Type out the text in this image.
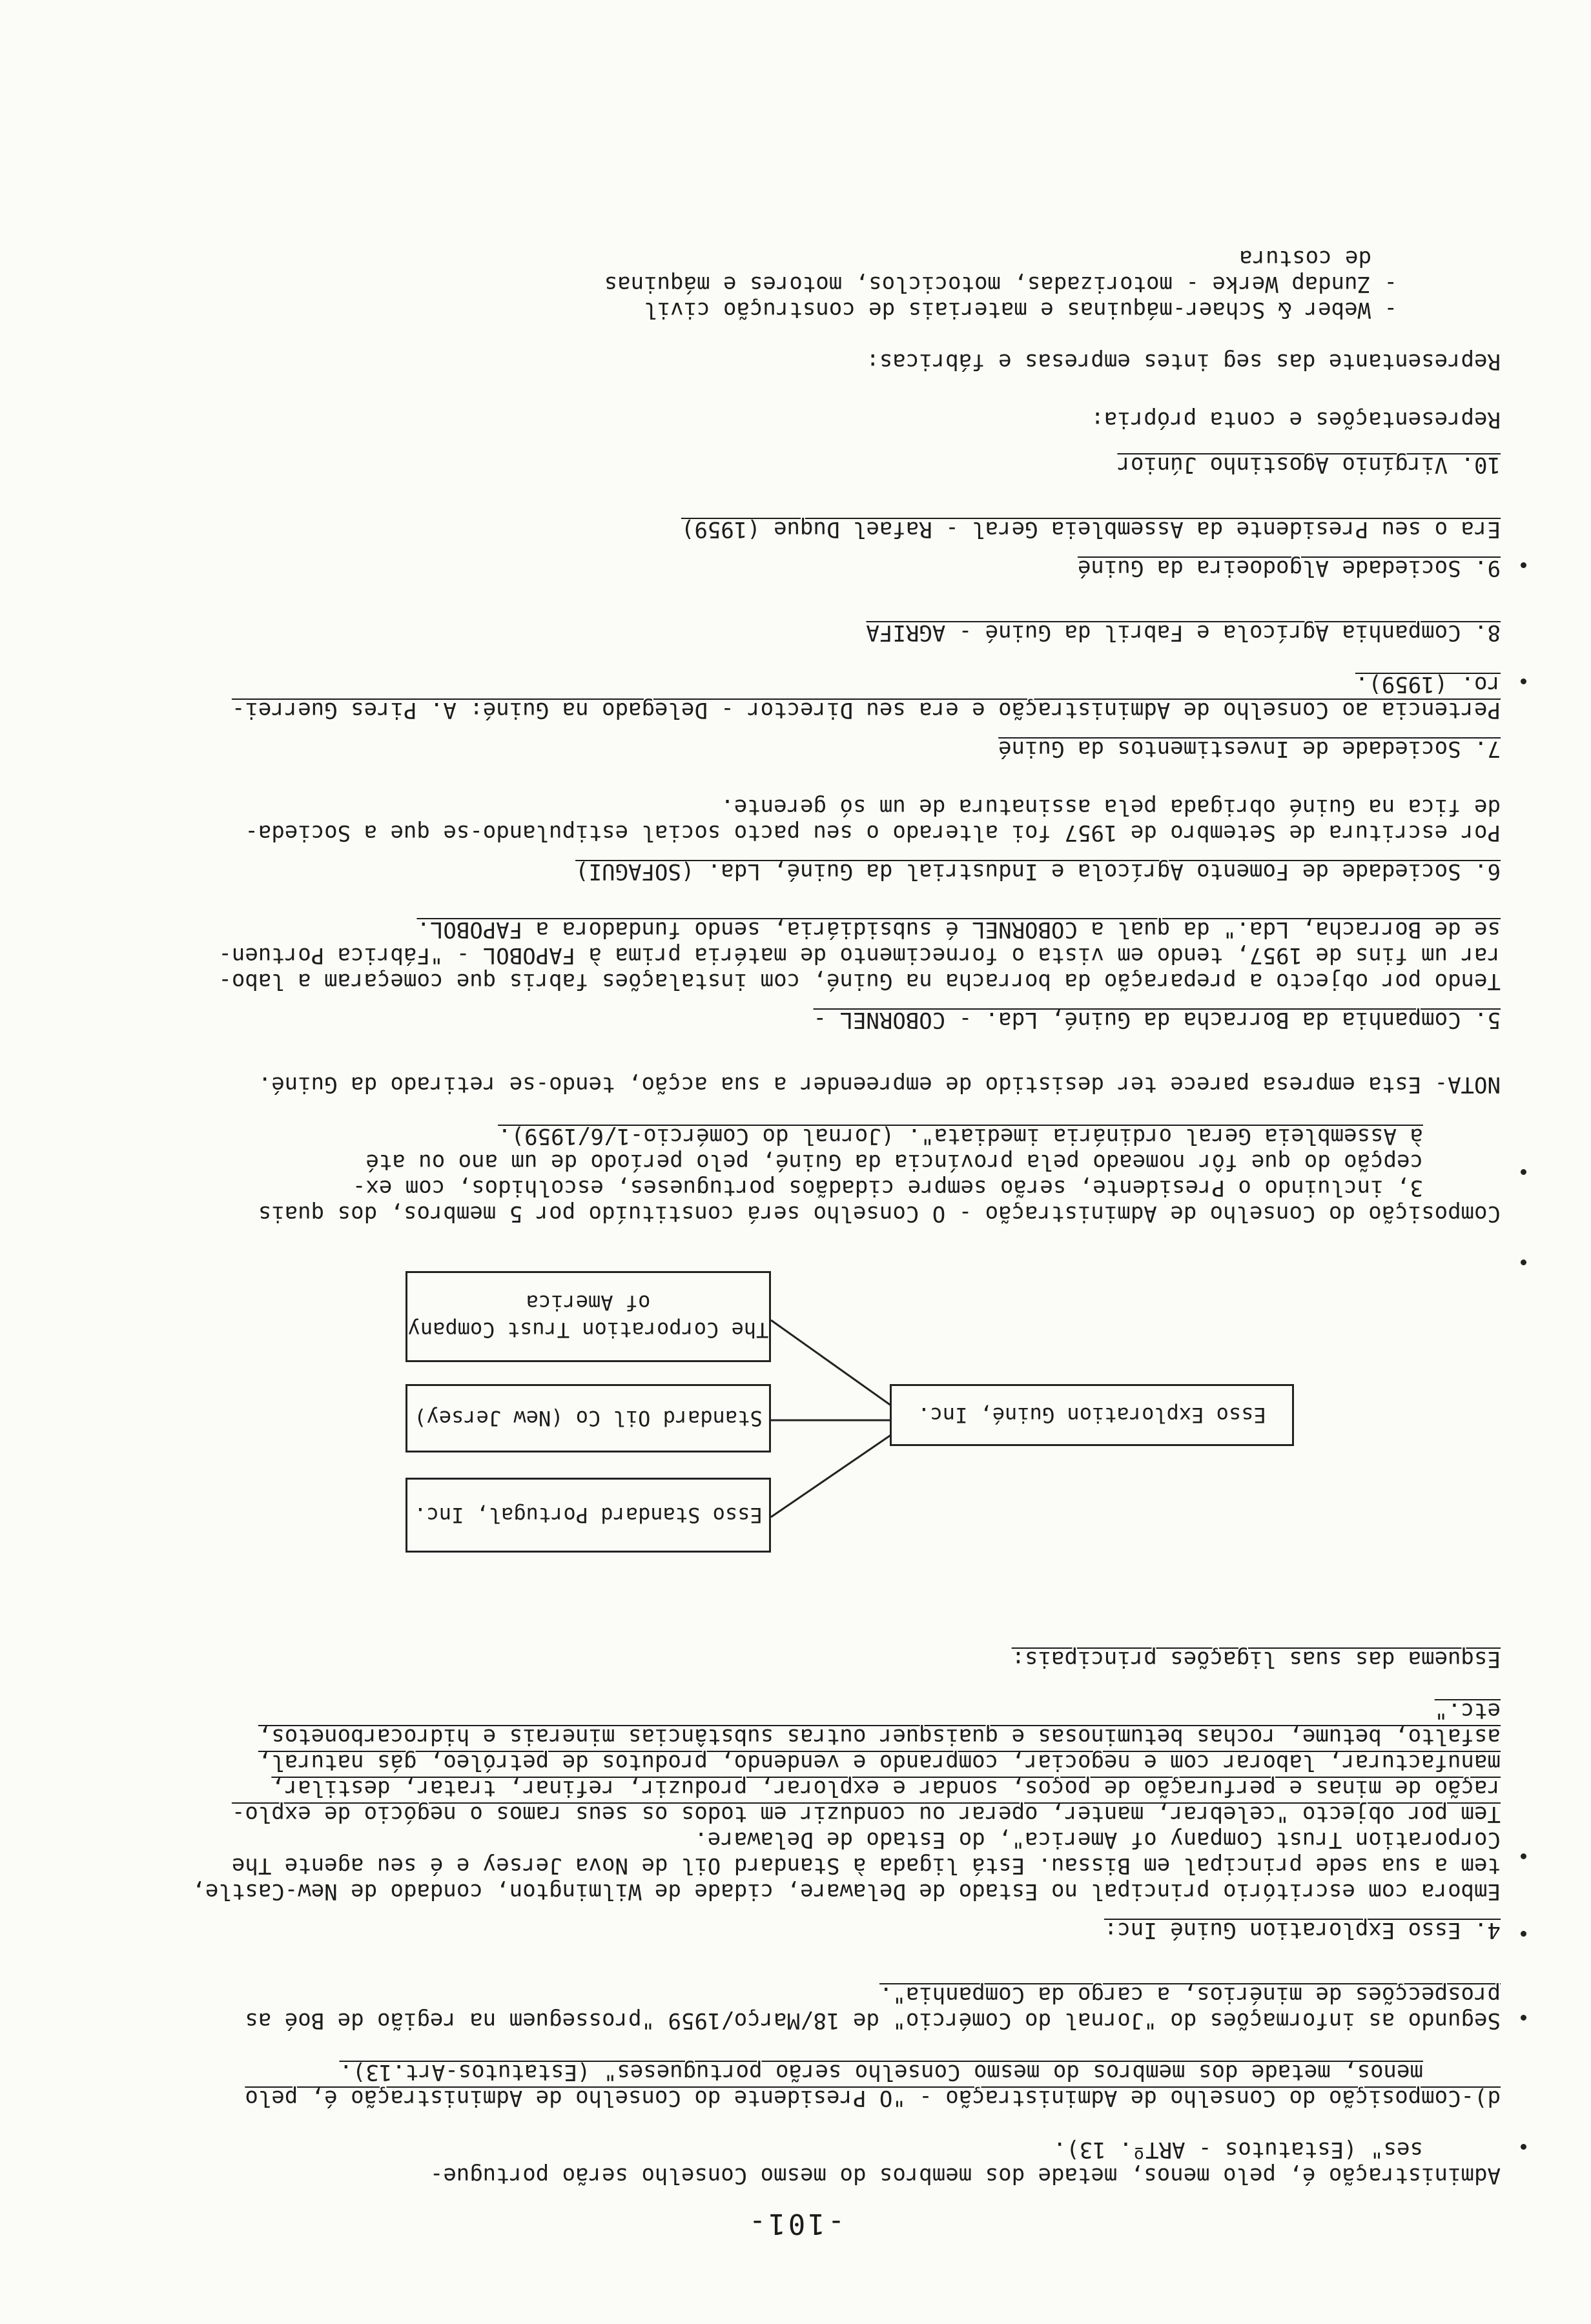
-101-
Administração é, pelo menos, metade dos membros do mesmo Conselho serão portugue-
ses" (Estatutos - ARTº. 13).
d)-Composição do Conselho de Administração - "O Presidente do Conselho de Administração é, pelo
menos, metade dos membros do mesmo Conselho serão portugueses" (Estatutos-Art.13).
Segundo as informações do "Jornal do Comércio" de 18/Março/1959 "prosseguem na região de Boé as
prospecções de minérios, a cargo da Companhia".
4. Esso Exploration Guiné Inc:
Embora com escritório principal no Estado de Delaware, cidade de Wilmington, condado de New-Castle,
tem a sua sede principal em Bissau. Está ligada à Standard Oil de Nova Jersey e é seu agente The
Corporation Trust Company of America", do Estado de Delaware.
Tem por objecto "celebrar, manter, operar ou conduzir em todos os seus ramos o negócio de explo-
ração de minas e perfuração de poços, sondar e explorar, produzir, refinar, tratar, destilar,
manufacturar, laborar com e negociar, comprando e vendendo, produtos de petróleo, gás natural,
asfalto, betume, rochas betuminosas e quaisquer outras substâncias minerais e hidrocarbonetos,
etc."
Esquema das suas ligações principais:
Esso Standard Portugal, Inc.
Standard Oil Co (New Jersey)
The Corporation Trust Company
of America
Esso Exploration Guiné, Inc.
Composição do Conselho de Administração - O Conselho será constituído por 5 membros, dos quais
3, incluindo o Presidente, serão sempre cidadãos portugueses, escolhidos, com ex-
cepção do que fôr nomeado pela província da Guiné, pelo período de um ano ou até
à Assembleia Geral ordinária imediata". (Jornal do Comércio-1/6/1959).
NOTA- Esta empresa parece ter desistido de empreender a sua acção, tendo-se retirado da Guiné.
5. Companhia da Borracha da Guiné, Lda. - COBORNEL -
Tendo por objecto a preparação da borracha na Guiné, com instalações fabris que começaram a labo-
rar um fins de 1957, tendo em vista o fornecimento de matéria prima à FAPOBOL - "Fábrica Portuen-
se de Borracha, Lda." da qual a COBORNEL é subsidiária, sendo fundadora a FAPOBOL.
6. Sociedade de Fomento Agrícola e Industrial da Guiné, Lda. (SOFAGUI)
Por escritura de Setembro de 1957 foi alterado o seu pacto social estipulando-se que a Socieda-
de fica na Guiné obrigada pela assinatura de um só gerente.
7. Sociedade de Investimentos da Guiné
Pertencia ao Conselho de Administração e era seu Director - Delegado na Guiné: A. Pires Guerrei-
ro. (1959).
8. Companhia Agrícola e Fabril da Guiné - AGRIFA
9. Sociedade Algodoeira da Guiné
Era o seu Presidente da Assembleia Geral - Rafael Duque (1959)
10. Virgínio Agostinho Júnior
Representações e conta própria:
Representante das seg intes empresas e fábricas:
- Weber & Schaer-máquinas e materiais de construção civil
- Zundap Werke - motorizadas, motociclos, motores e máquinas
de costura
